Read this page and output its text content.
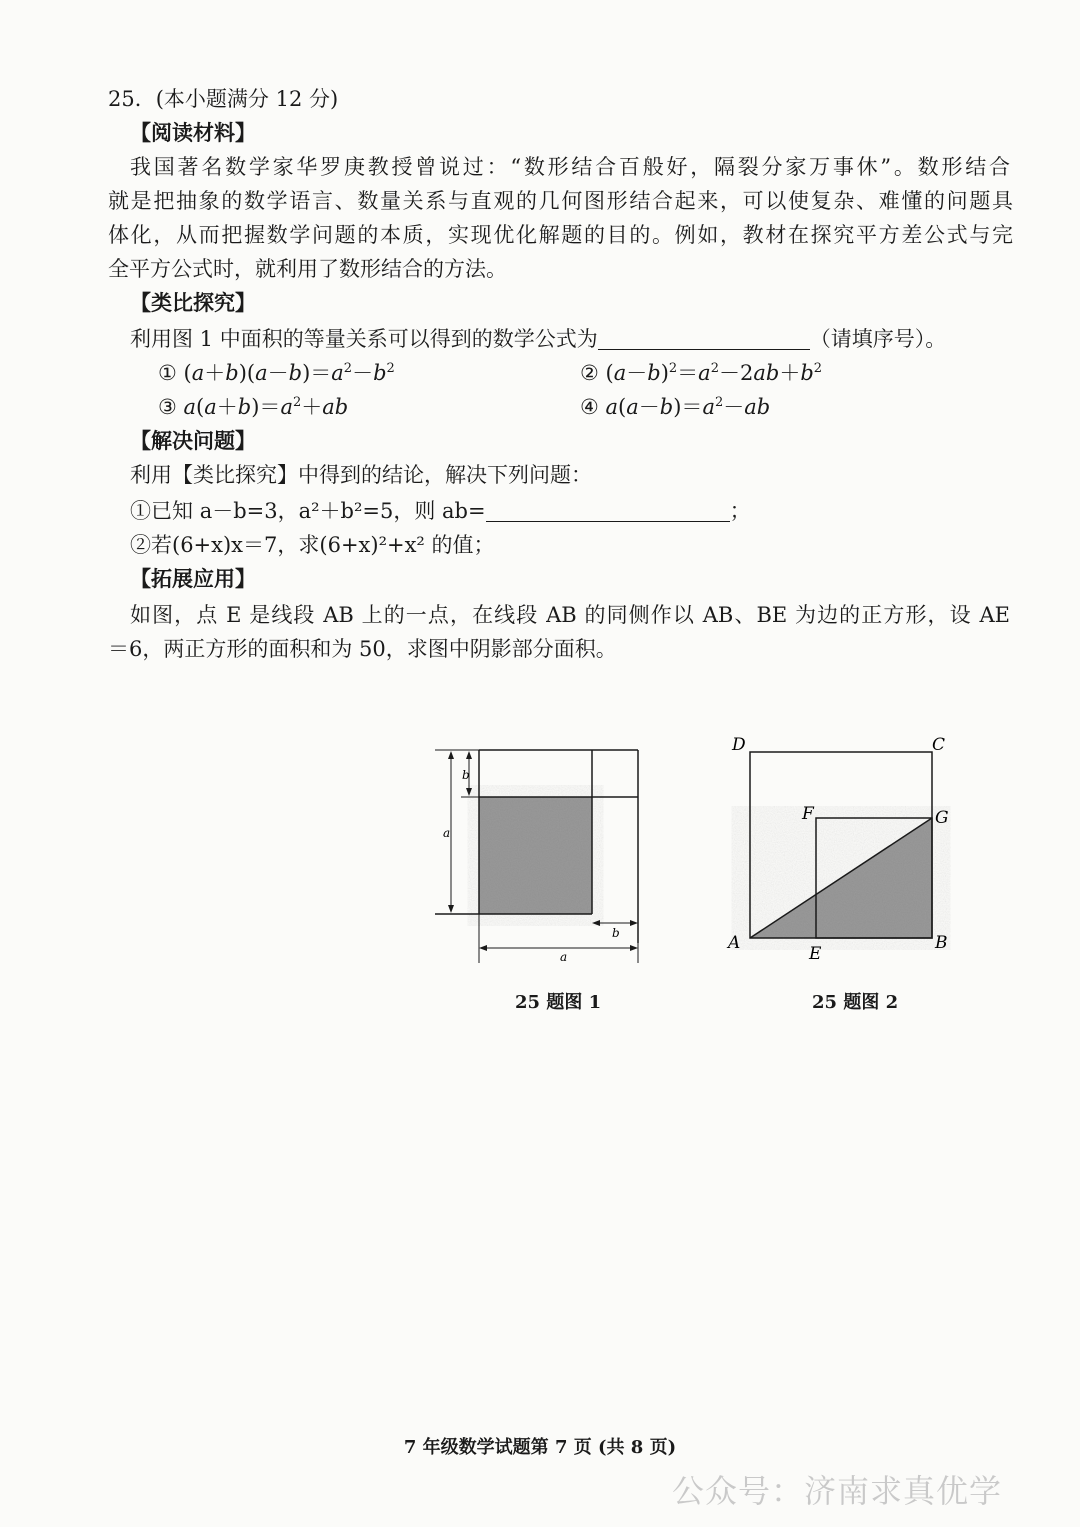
25．(本小题满分 12 分)
【阅读材料】
我国著名数学家华罗庚教授曾说过：“数形结合百般好，隔裂分家万事休”。数形结合
就是把抽象的数学语言、数量关系与直观的几何图形结合起来，可以使复杂、难懂的问题具
体化，从而把握数学问题的本质，实现优化解题的目的。例如，教材在探究平方差公式与完
全平方公式时，就利用了数形结合的方法。
【类比探究】
利用图 1 中面积的等量关系可以得到的数学公式为	（请填序号）。
① $(a+b)(a-b)=a^2-b^2$	② $(a-b)^2=a^2-2ab+b^2$
③ $a(a+b)=a^2+ab$	④ $a(a-b)=a^2-ab$
【解决问题】
利用【类比探究】中得到的结论，解决下列问题：
①已知 a－b=3，a²＋b²=5，则 ab=	；
②若(6+x)x＝7，求(6+x)²+x² 的值；
【拓展应用】
如图，点 E 是线段 AB 上的一点，在线段 AB 的同侧作以 AB、BE 为边的正方形，设 AE
＝6，两正方形的面积和为 50，求图中阴影部分面积。
b
a
b
a
25 题图 1
D	C
F	G
A
E
B
25 题图 2
7 年级数学试题第 7 页 (共 8 页)
公众号：济南求真优学
